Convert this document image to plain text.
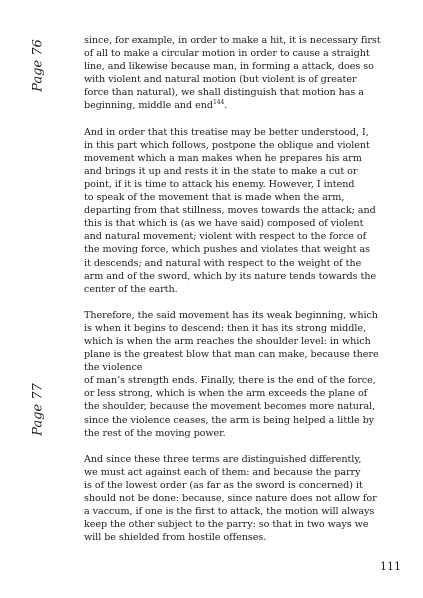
Page 76
Page 77

since, for example, in order to make a hit, it is necessary first
of all to make a circular motion in order to cause a straight
line, and likewise because man, in forming a attack, does so
with violent and natural motion (but violent is of greater
force than natural), we shall distinguish that motion has a
beginning, middle and end$^{144}$.

And in order that this treatise may be better understood, I,
in this part which follows, postpone the oblique and violent
movement which a man makes when he prepares his arm
and brings it up and rests it in the state to make a cut or
point, if it is time to attack his enemy. However, I intend
to speak of the movement that is made when the arm,
departing from that stillness, moves towards the attack; and
this is that which is (as we have said) composed of violent
and natural movement; violent with respect to the force of
the moving force, which pushes and violates that weight as
it descends; and natural with respect to the weight of the
arm and of the sword, which by its nature tends towards the
center of the earth.

Therefore, the said movement has its weak beginning, which
is when it begins to descend: then it has its strong middle,
which is when the arm reaches the shoulder level: in which
plane is the greatest blow that man can make, because there
the violence
of man’s strength ends. Finally, there is the end of the force,
or less strong, which is when the arm exceeds the plane of
the shoulder, because the movement becomes more natural,
since the violence ceases, the arm is being helped a little by
the rest of the moving power.

And since these three terms are distinguished differently,
we must act against each of them: and because the parry
is of the lowest order (as far as the sword is concerned) it
should not be done: because, since nature does not allow for
a vaccum, if one is the first to attack, the motion will always
keep the other subject to the parry: so that in two ways we
will be shielded from hostile offenses.

111
